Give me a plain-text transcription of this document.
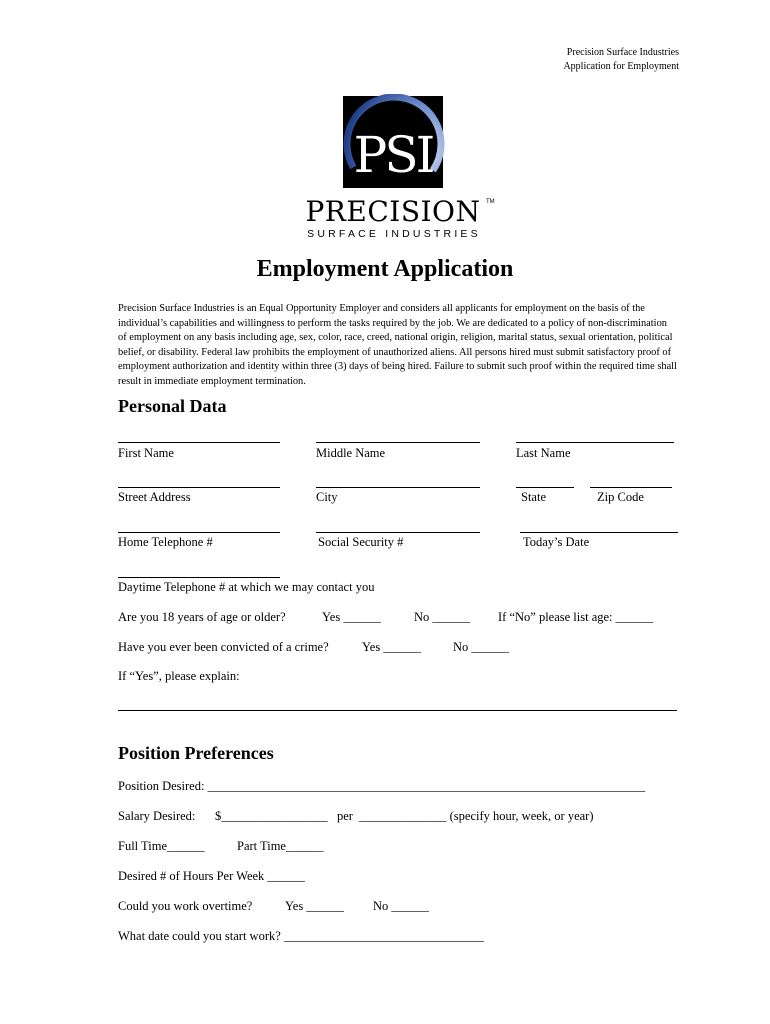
Precision Surface Industries
Application for Employment
PSI
PRECISION TM
SURFACE INDUSTRIES
Employment Application
Precision Surface Industries is an Equal Opportunity Employer and considers all applicants for employment on the basis of the individual’s capabilities and willingness to perform the tasks required by the job. We are dedicated to a policy of non-discrimination of employment on any basis including age, sex, color, race, creed, national origin, religion, marital status, sexual orientation, political belief, or disability. Federal law prohibits the employment of unauthorized aliens. All persons hired must submit satisfactory proof of employment authorization and identity within three (3) days of being hired. Failure to submit such proof within the required time shall result in immediate employment termination.
Personal Data
First Name	Middle Name	Last Name
Street Address	City	State	Zip Code
Home Telephone #	Social Security #	Today’s Date
Daytime Telephone # at which we may contact you
Are you 18 years of age or older?	Yes ______	No ______ If “No” please list age: ______
Have you ever been convicted of a crime?	Yes ______	No ______
If “Yes”, please explain:
Position Preferences
Position Desired: ______________________________________________________________________
Salary Desired: $_________________ per ______________ (specify hour, week, or year)
Full Time______	Part Time______
Desired # of Hours Per Week ______
Could you work overtime?	Yes ______ No ______
What date could you start work? ________________________________
